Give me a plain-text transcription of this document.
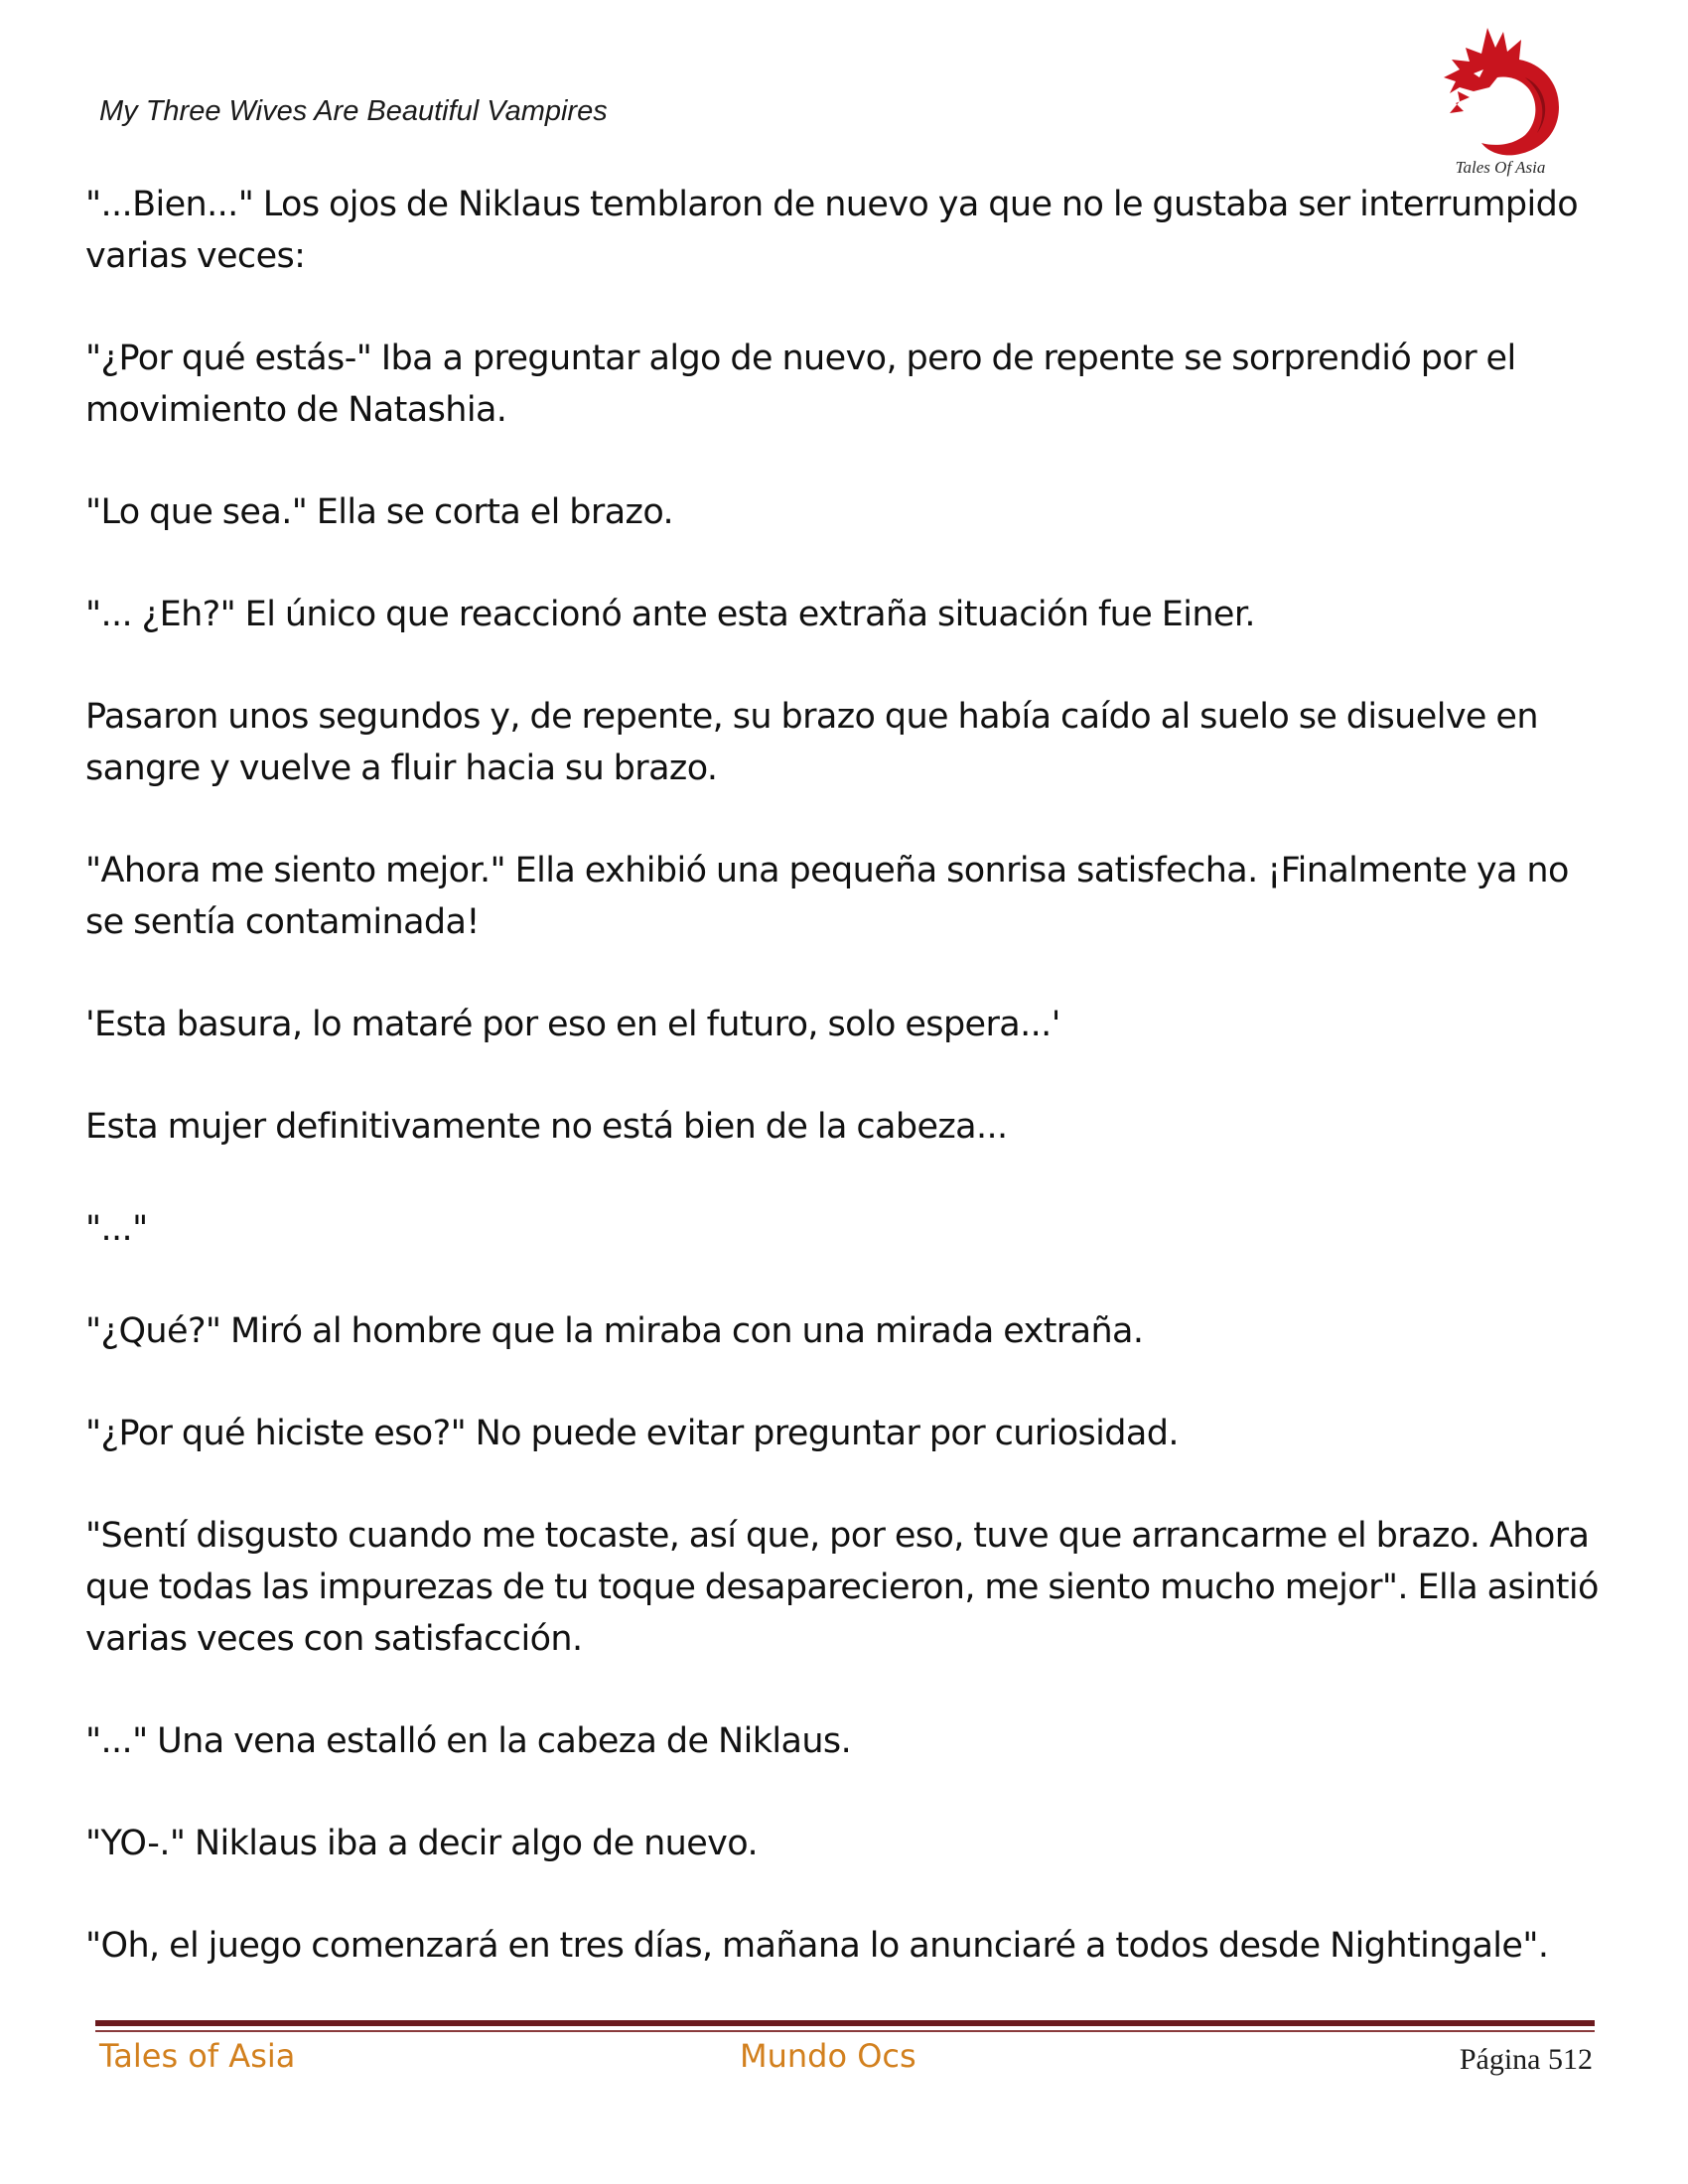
My Three Wives Are Beautiful Vampires
Tales Of Asia

"...Bien..." Los ojos de Niklaus temblaron de nuevo ya que no le gustaba ser interrumpido varias veces:

"¿Por qué estás-" Iba a preguntar algo de nuevo, pero de repente se sorprendió por el movimiento de Natashia.

"Lo que sea." Ella se corta el brazo.

"... ¿Eh?" El único que reaccionó ante esta extraña situación fue Einer.

Pasaron unos segundos y, de repente, su brazo que había caído al suelo se disuelve en sangre y vuelve a fluir hacia su brazo.

"Ahora me siento mejor." Ella exhibió una pequeña sonrisa satisfecha. ¡Finalmente ya no se sentía contaminada!

'Esta basura, lo mataré por eso en el futuro, solo espera...'

Esta mujer definitivamente no está bien de la cabeza...

"..."

"¿Qué?" Miró al hombre que la miraba con una mirada extraña.

"¿Por qué hiciste eso?" No puede evitar preguntar por curiosidad.

"Sentí disgusto cuando me tocaste, así que, por eso, tuve que arrancarme el brazo. Ahora que todas las impurezas de tu toque desaparecieron, me siento mucho mejor". Ella asintió varias veces con satisfacción.

"..." Una vena estalló en la cabeza de Niklaus.

"YO-." Niklaus iba a decir algo de nuevo.

"Oh, el juego comenzará en tres días, mañana lo anunciaré a todos desde Nightingale".

Tales of Asia	Mundo Ocs	Página 512
